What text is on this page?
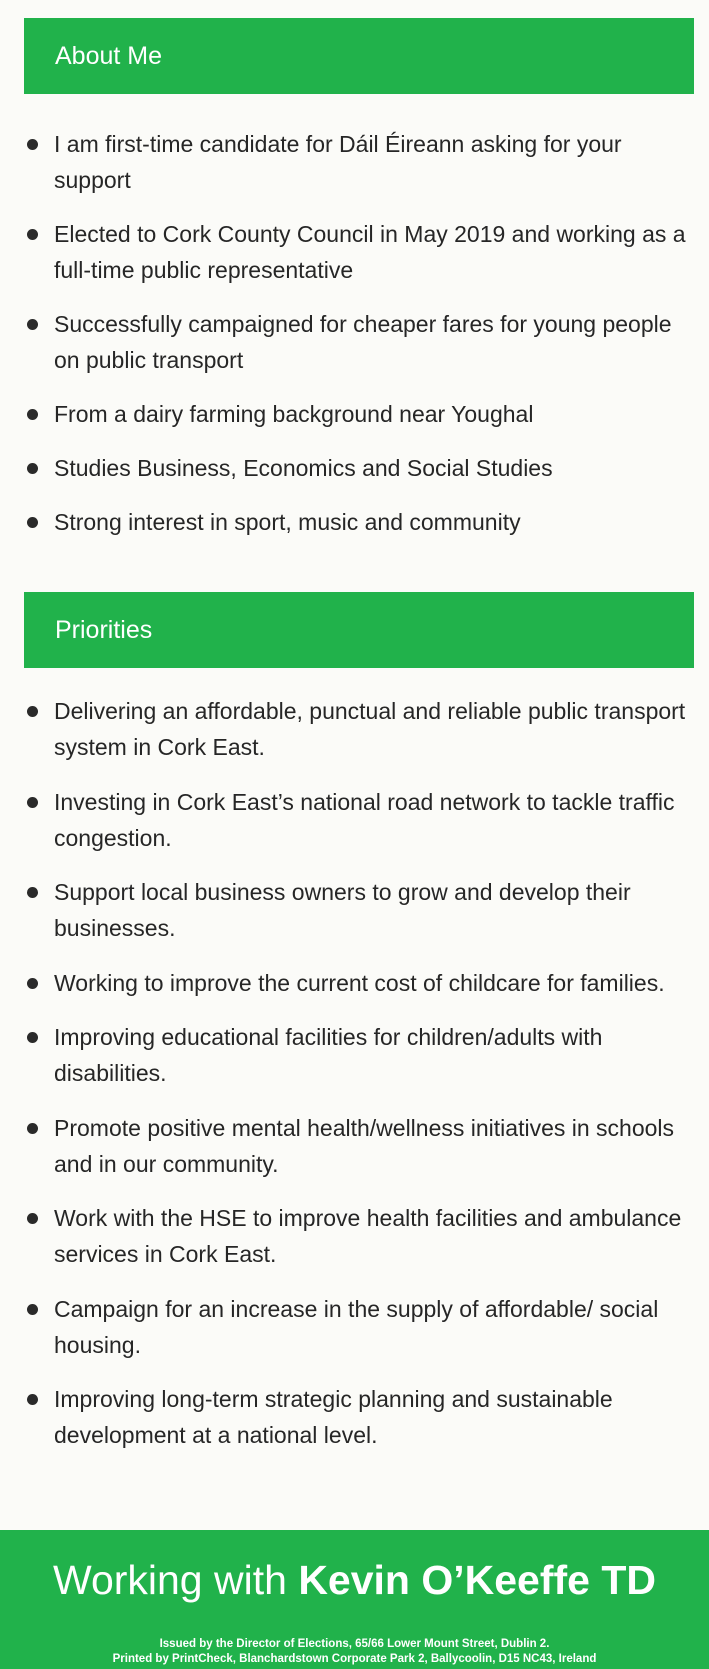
About Me
I am first-time candidate for Dáil Éireann asking for your support
Elected to Cork County Council in May 2019 and working as a full-time public representative
Successfully campaigned for cheaper fares for young people on public transport
From a dairy farming background near Youghal
Studies Business, Economics and Social Studies
Strong interest in sport, music and community
Priorities
Delivering an affordable, punctual and reliable public transport system in Cork East.
Investing in Cork East’s national road network to tackle traffic congestion.
Support local business owners to grow and develop their businesses.
Working to improve the current cost of childcare for families.
Improving educational facilities for children/adults with disabilities.
Promote positive mental health/wellness initiatives in schools and in our community.
Work with the HSE to improve health facilities and ambulance services in Cork East.
Campaign for an increase in the supply of affordable/ social housing.
Improving long-term strategic planning and sustainable development at a national level.
Working with Kevin O’Keeffe TD
Issued by the Director of Elections, 65/66 Lower Mount Street, Dublin 2.
Printed by PrintCheck, Blanchardstown Corporate Park 2, Ballycoolin, D15 NC43, Ireland
